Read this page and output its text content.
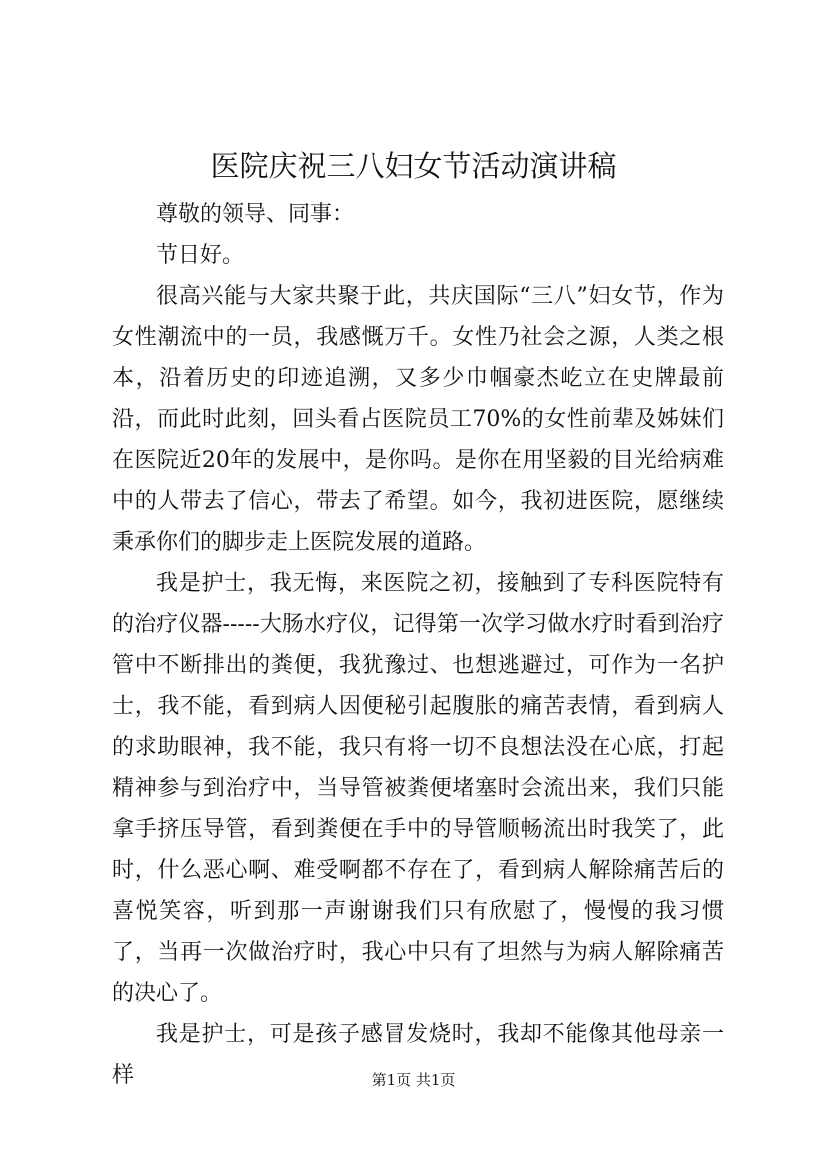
医院庆祝三八妇女节活动演讲稿

尊敬的领导、同事：

节日好。

很高兴能与大家共聚于此，共庆国际“三八”妇女节，作为女性潮流中的一员，我感慨万千。女性乃社会之源，人类之根本，沿着历史的印迹追溯，又多少巾帼豪杰屹立在史牌最前沿，而此时此刻，回头看占医院员工70%的女性前辈及姊妹们在医院近20年的发展中，是你吗。是你在用坚毅的目光给病难中的人带去了信心，带去了希望。如今，我初进医院，愿继续秉承你们的脚步走上医院发展的道路。

我是护士，我无悔，来医院之初，接触到了专科医院特有的治疗仪器-----大肠水疗仪，记得第一次学习做水疗时看到治疗管中不断排出的粪便，我犹豫过、也想逃避过，可作为一名护士，我不能，看到病人因便秘引起腹胀的痛苦表情，看到病人的求助眼神，我不能，我只有将一切不良想法没在心底，打起精神参与到治疗中，当导管被粪便堵塞时会流出来，我们只能拿手挤压导管，看到粪便在手中的导管顺畅流出时我笑了，此时，什么恶心啊、难受啊都不存在了，看到病人解除痛苦后的喜悦笑容，听到那一声谢谢我们只有欣慰了，慢慢的我习惯了，当再一次做治疗时，我心中只有了坦然与为病人解除痛苦的决心了。

我是护士，可是孩子感冒发烧时，我却不能像其他母亲一样	第1页 共1页
